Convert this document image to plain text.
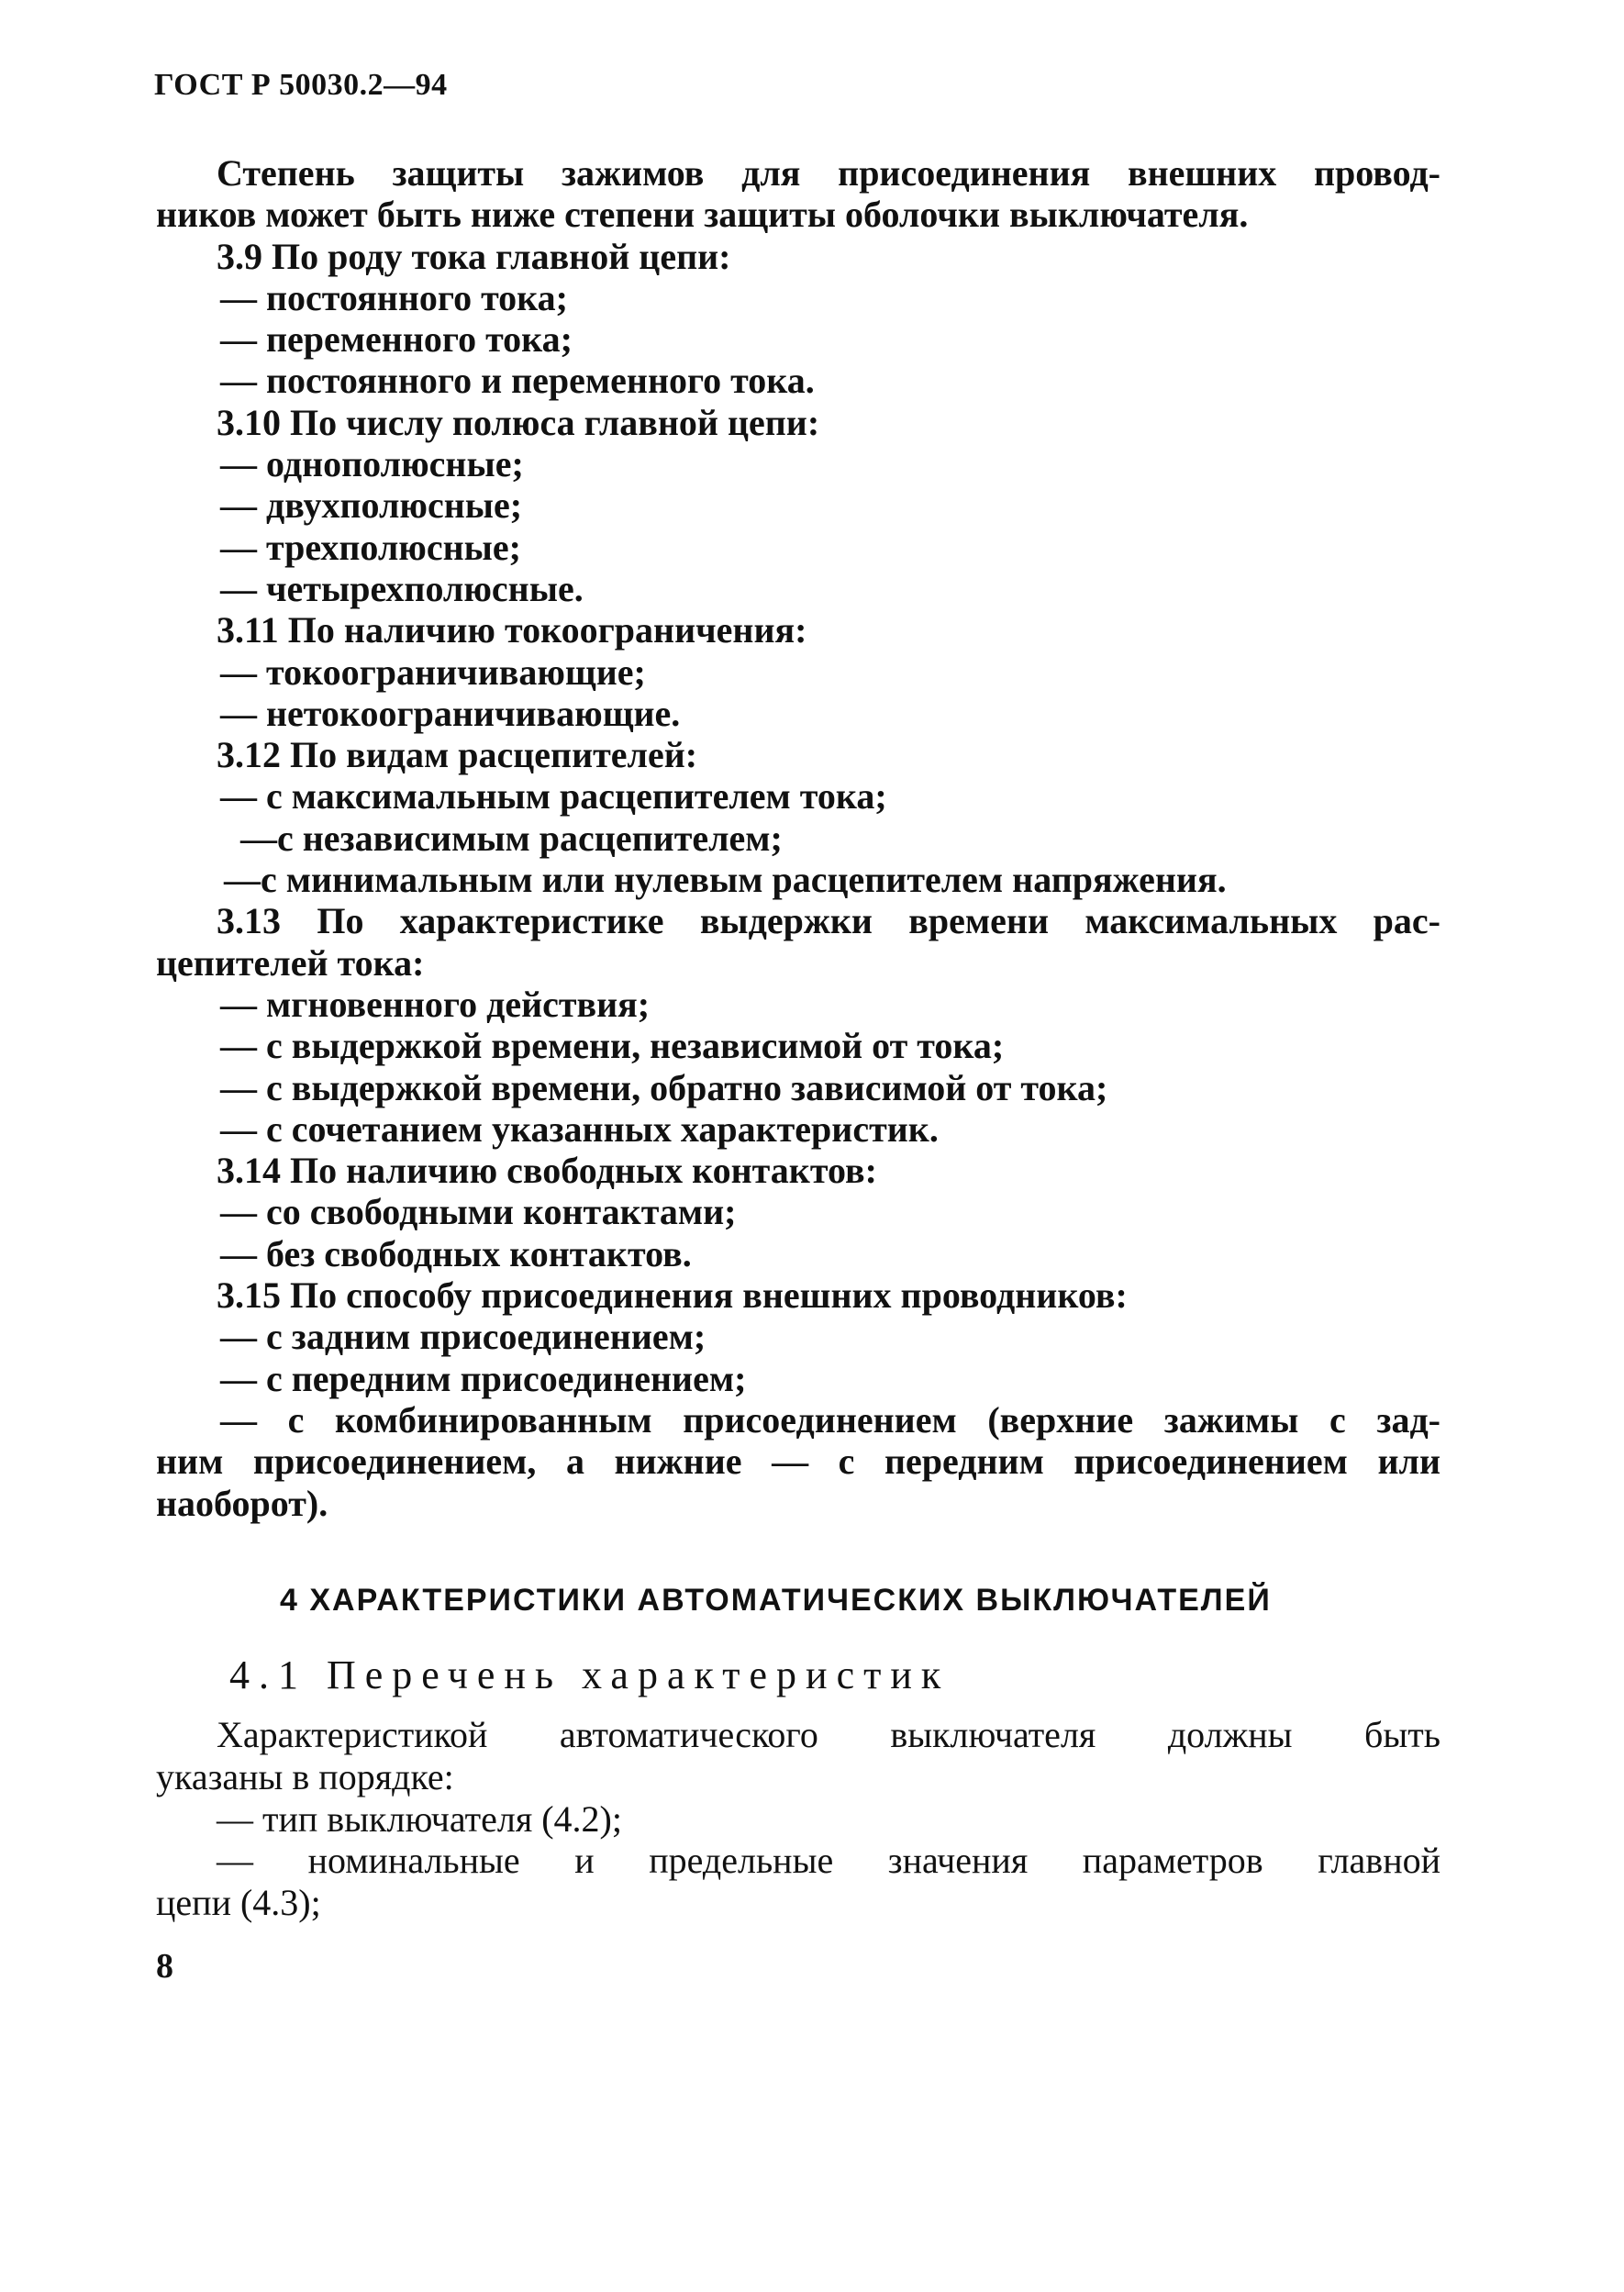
ГОСТ Р 50030.2—94
Степень защиты зажимов для присоединения внешних провод-
ников может быть ниже степени защиты оболочки выключателя.
3.9 По роду тока главной цепи:
— постоянного тока;
— переменного тока;
— постоянного и переменного тока.
3.10 По числу полюса главной цепи:
— однополюсные;
— двухполюсные;
— трехполюсные;
— четырехполюсные.
3.11 По наличию токоограничения:
— токоограничивающие;
— нетокоограничивающие.
3.12 По видам расцепителей:
— с максимальным расцепителем тока;
—с независимым расцепителем;
—с минимальным или нулевым расцепителем напряжения.
3.13 По характеристике выдержки времени максимальных рас-
цепителей тока:
— мгновенного действия;
— с выдержкой времени, независимой от тока;
— с выдержкой времени, обратно зависимой от тока;
— с сочетанием указанных характеристик.
3.14 По наличию свободных контактов:
— со свободными контактами;
— без свободных контактов.
3.15 По способу присоединения внешних проводников:
— с задним присоединением;
— с передним присоединением;
— с комбинированным присоединением (верхние зажимы с зад-
ним присоединением, а нижние — с передним присоединением или
наоборот).
4 ХАРАКТЕРИСТИКИ АВТОМАТИЧЕСКИХ ВЫКЛЮЧАТЕЛЕЙ
4.1 Перечень характеристик
Характеристикой автоматического выключателя должны быть
указаны в порядке:
— тип выключателя (4.2);
— номинальные и предельные значения параметров главной
цепи (4.3);
8
